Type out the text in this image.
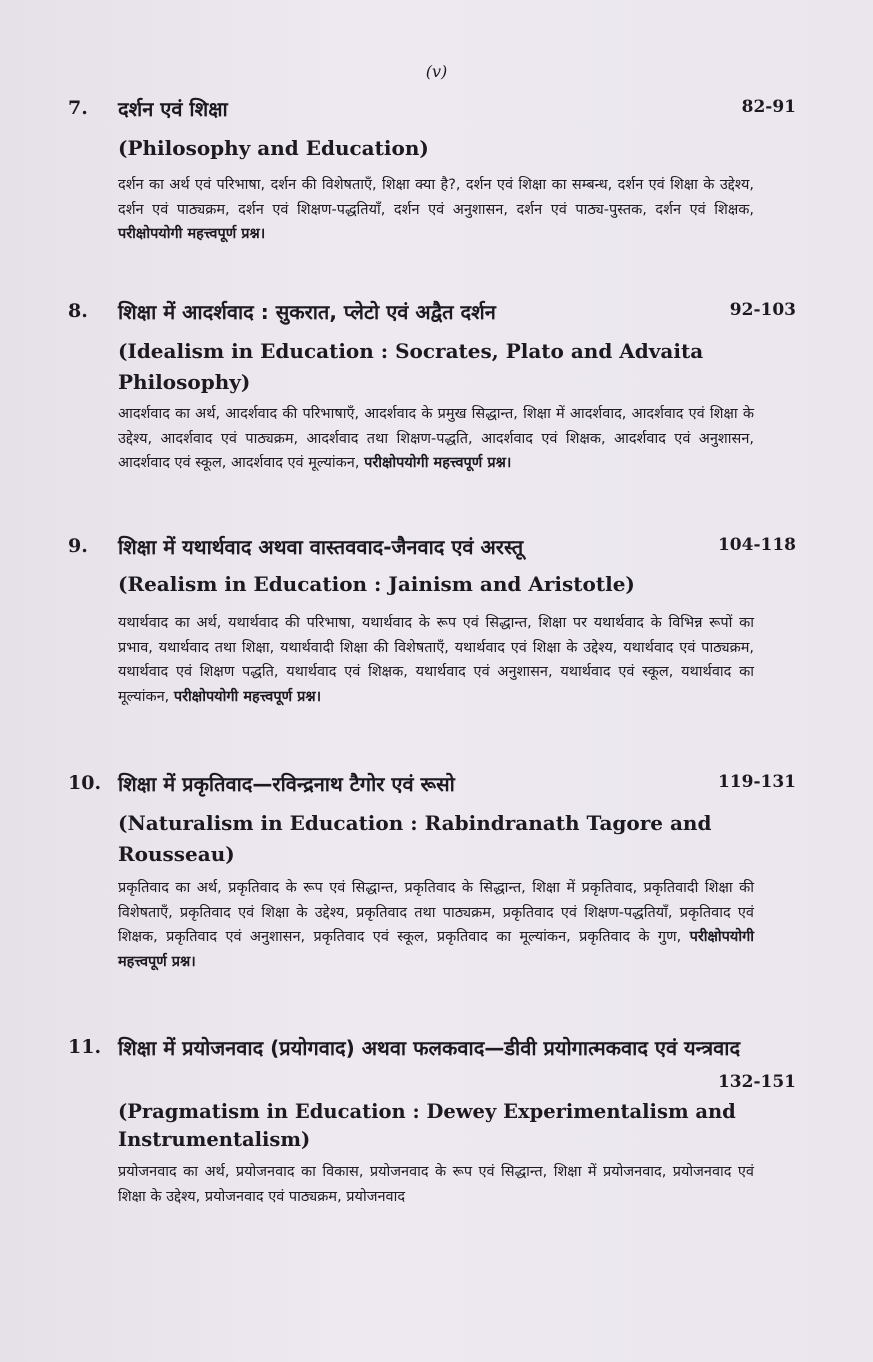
(v)
7. दर्शन एवं शिक्षा	82-91
(Philosophy and Education)
दर्शन का अर्थ एवं परिभाषा, दर्शन की विशेषताएँ, शिक्षा क्या है?, दर्शन एवं शिक्षा का सम्बन्ध, दर्शन एवं शिक्षा के उद्देश्य, दर्शन एवं पाठ्यक्रम, दर्शन एवं शिक्षण-पद्धतियाँ, दर्शन एवं अनुशासन, दर्शन एवं पाठ्य-पुस्तक, दर्शन एवं शिक्षक, परीक्षोपयोगी महत्त्वपूर्ण प्रश्न।
8. शिक्षा में आदर्शवाद : सुकरात, प्लेटो एवं अद्वैत दर्शन	92-103
(Idealism in Education : Socrates, Plato and Advaita Philosophy)
आदर्शवाद का अर्थ, आदर्शवाद की परिभाषाएँ, आदर्शवाद के प्रमुख सिद्धान्त, शिक्षा में आदर्शवाद, आदर्शवाद एवं शिक्षा के उद्देश्य, आदर्शवाद एवं पाठ्यक्रम, आदर्शवाद तथा शिक्षण-पद्धति, आदर्शवाद एवं शिक्षक, आदर्शवाद एवं अनुशासन, आदर्शवाद एवं स्कूल, आदर्शवाद एवं मूल्यांकन, परीक्षोपयोगी महत्त्वपूर्ण प्रश्न।
9. शिक्षा में यथार्थवाद अथवा वास्तववाद-जैनवाद एवं अरस्तू	104-118
(Realism in Education : Jainism and Aristotle)
यथार्थवाद का अर्थ, यथार्थवाद की परिभाषा, यथार्थवाद के रूप एवं सिद्धान्त, शिक्षा पर यथार्थवाद के विभिन्न रूपों का प्रभाव, यथार्थवाद तथा शिक्षा, यथार्थवादी शिक्षा की विशेषताएँ, यथार्थवाद एवं शिक्षा के उद्देश्य, यथार्थवाद एवं पाठ्यक्रम, यथार्थवाद एवं शिक्षण पद्धति, यथार्थवाद एवं शिक्षक, यथार्थवाद एवं अनुशासन, यथार्थवाद एवं स्कूल, यथार्थवाद का मूल्यांकन, परीक्षोपयोगी महत्त्वपूर्ण प्रश्न।
10. शिक्षा में प्रकृतिवाद—रविन्द्रनाथ टैगोर एवं रूसो	119-131
(Naturalism in Education : Rabindranath Tagore and Rousseau)
प्रकृतिवाद का अर्थ, प्रकृतिवाद के रूप एवं सिद्धान्त, प्रकृतिवाद के सिद्धान्त, शिक्षा में प्रकृतिवाद, प्रकृतिवादी शिक्षा की विशेषताएँ, प्रकृतिवाद एवं शिक्षा के उद्देश्य, प्रकृतिवाद तथा पाठ्यक्रम, प्रकृतिवाद एवं शिक्षण-पद्धतियाँ, प्रकृतिवाद एवं शिक्षक, प्रकृतिवाद एवं अनुशासन, प्रकृतिवाद एवं स्कूल, प्रकृतिवाद का मूल्यांकन, प्रकृतिवाद के गुण, परीक्षोपयोगी महत्त्वपूर्ण प्रश्न।
11. शिक्षा में प्रयोजनवाद (प्रयोगवाद) अथवा फलकवाद—डीवी प्रयोगात्मकवाद एवं यन्त्रवाद
132-151
(Pragmatism in Education : Dewey Experimentalism and Instrumentalism)
प्रयोजनवाद का अर्थ, प्रयोजनवाद का विकास, प्रयोजनवाद के रूप एवं सिद्धान्त, शिक्षा में प्रयोजनवाद, प्रयोजनवाद एवं शिक्षा के उद्देश्य, प्रयोजनवाद एवं पाठ्यक्रम, प्रयोजनवाद
